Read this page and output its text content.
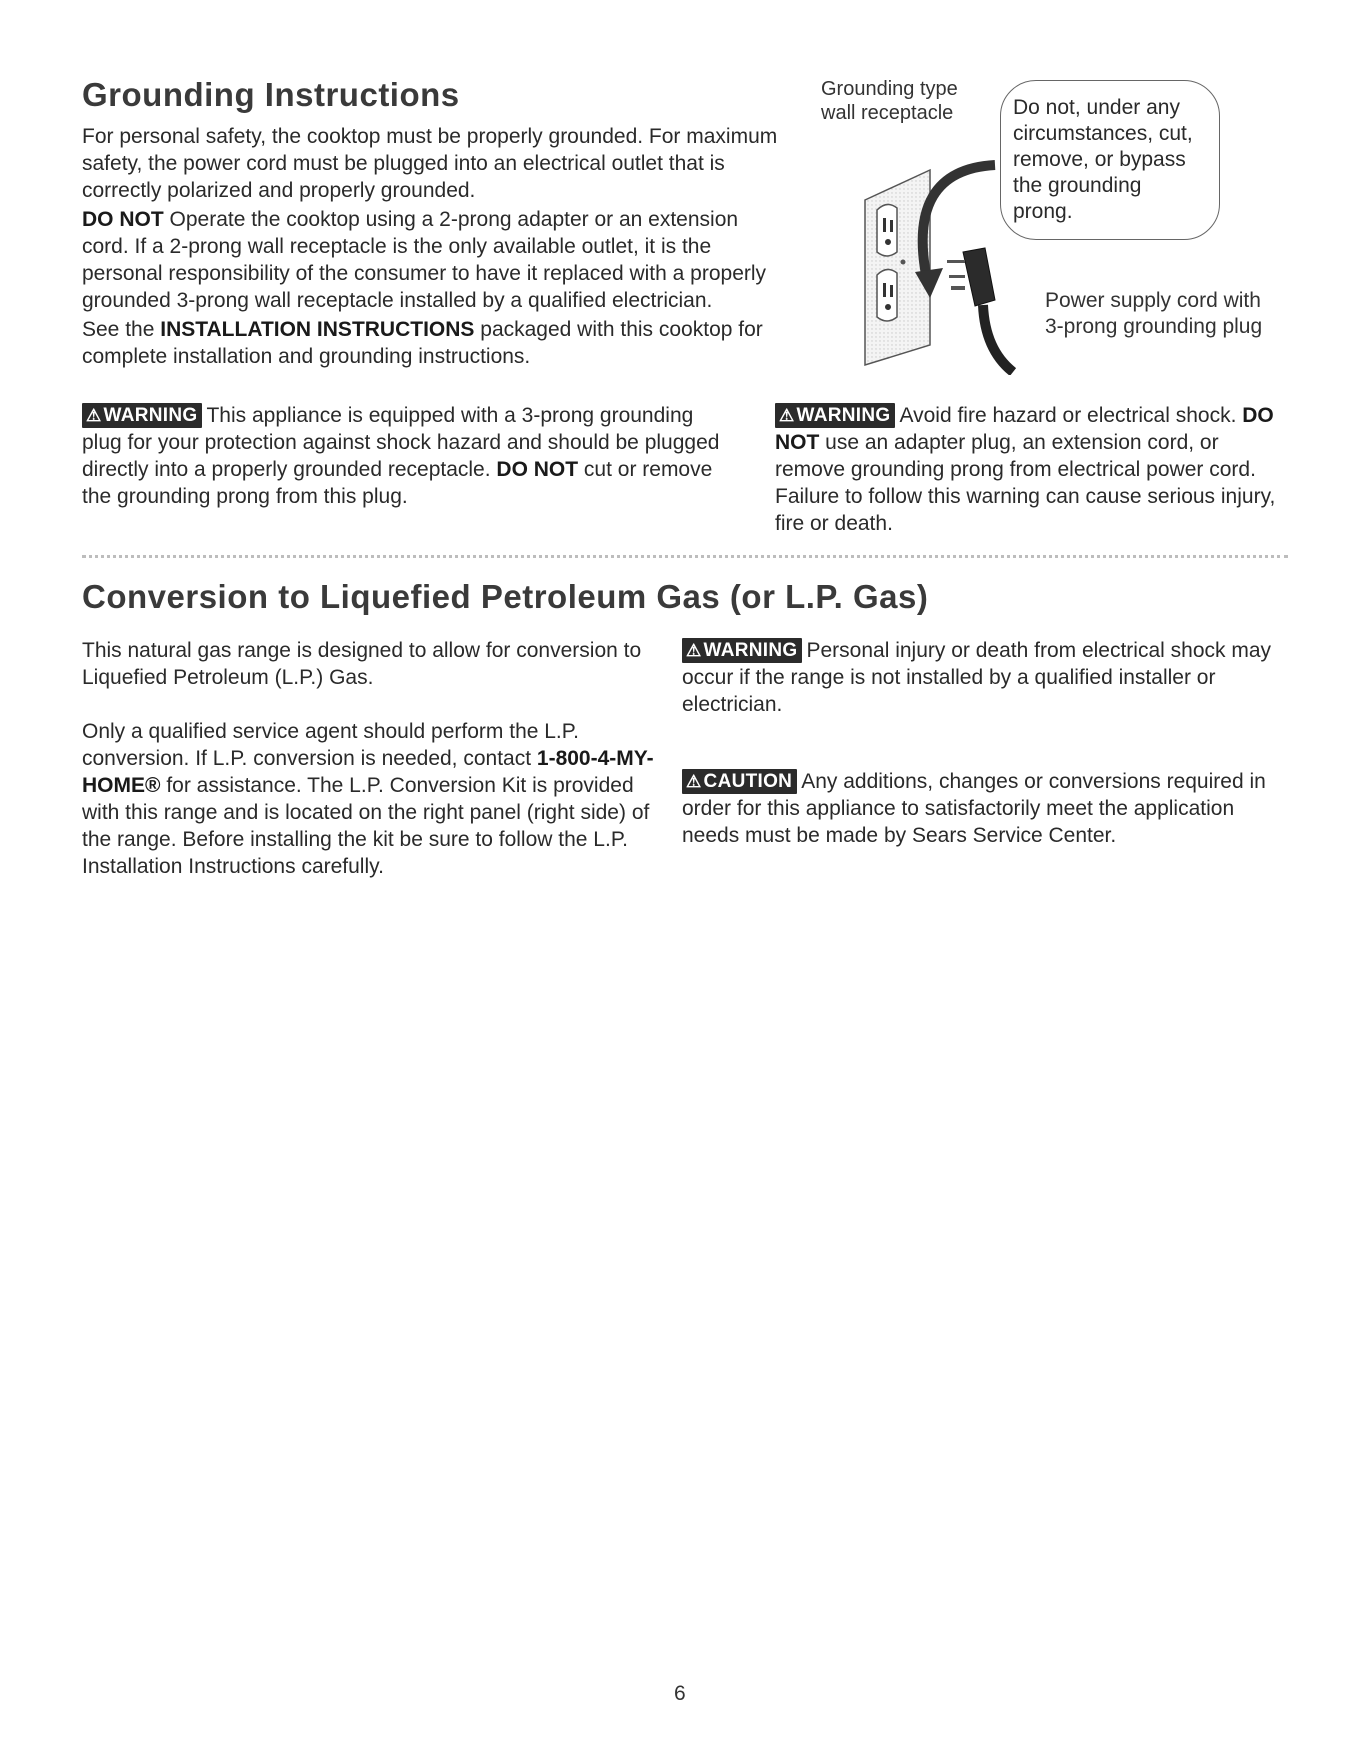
Grounding Instructions

For personal safety, the cooktop must be properly grounded. For maximum safety, the power cord must be plugged into an electrical outlet that is correctly polarized and properly grounded.

DO NOT Operate the cooktop using a 2-prong adapter or an extension cord. If a 2-prong wall receptacle is the only available outlet, it is the personal responsibility of the consumer to have it replaced with a properly grounded 3-prong wall receptacle installed by a qualified electrician.

See the INSTALLATION INSTRUCTIONS packaged with this cooktop for complete installation and grounding instructions.

Grounding type wall receptacle	Do not, under any circumstances, cut, remove, or bypass the grounding prong.
Power supply cord with 3-prong grounding plug
⚠ WARNING This appliance is equipped with a 3-prong grounding plug for your protection against shock hazard and should be plugged directly into a properly grounded receptacle. DO NOT cut or remove the grounding prong from this plug.
⚠ WARNING Avoid fire hazard or electrical shock. DO NOT use an adapter plug, an extension cord, or remove grounding prong from electrical power cord. Failure to follow this warning can cause serious injury, fire or death.
Conversion to Liquefied Petroleum Gas (or L.P. Gas)

This natural gas range is designed to allow for conversion to Liquefied Petroleum (L.P.) Gas.

Only a qualified service agent should perform the L.P. conversion. If L.P. conversion is needed, contact 1-800-4-MY-HOME® for assistance. The L.P. Conversion Kit is provided with this range and is located on the right panel (right side) of the range. Before installing the kit be sure to follow the L.P. Installation Instructions carefully.

⚠ WARNING Personal injury or death from electrical shock may occur if the range is not installed by a qualified installer or electrician.
⚠ CAUTION Any additions, changes or conversions required in order for this appliance to satisfactorily meet the application needs must be made by Sears Service Center.
6
